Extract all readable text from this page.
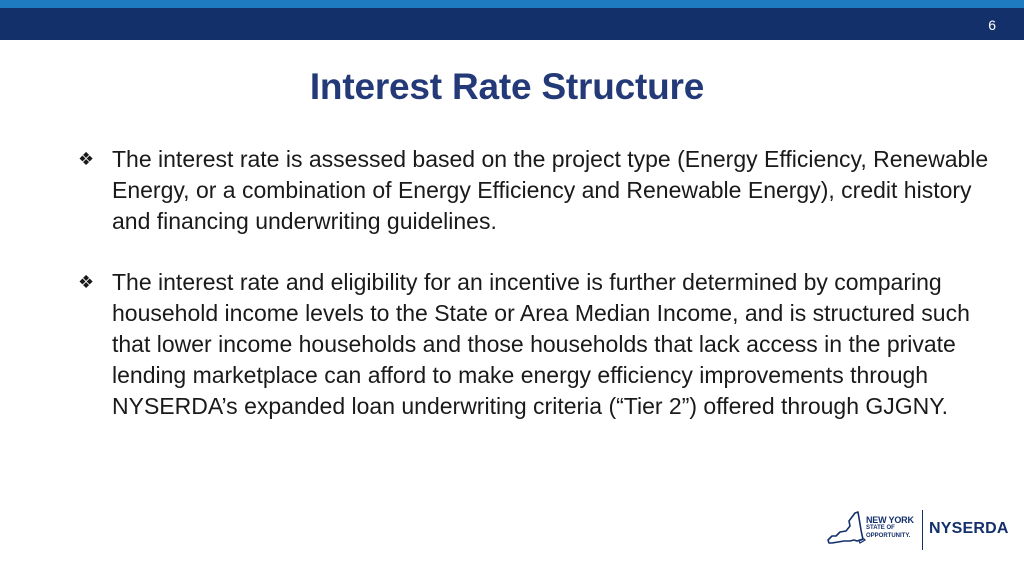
6
Interest Rate Structure
❖ The interest rate is assessed based on the project type (Energy Efficiency, Renewable Energy, or a combination of Energy Efficiency and Renewable Energy), credit history and financing underwriting guidelines.
❖ The interest rate and eligibility for an incentive is further determined by comparing household income levels to the State or Area Median Income, and is structured such that lower income households and those households that lack access in the private lending marketplace can afford to make energy efficiency improvements through NYSERDA’s expanded loan underwriting criteria (“Tier 2”) offered through GJGNY.
NEW YORK
STATE OF
OPPORTUNITY. NYSERDA
